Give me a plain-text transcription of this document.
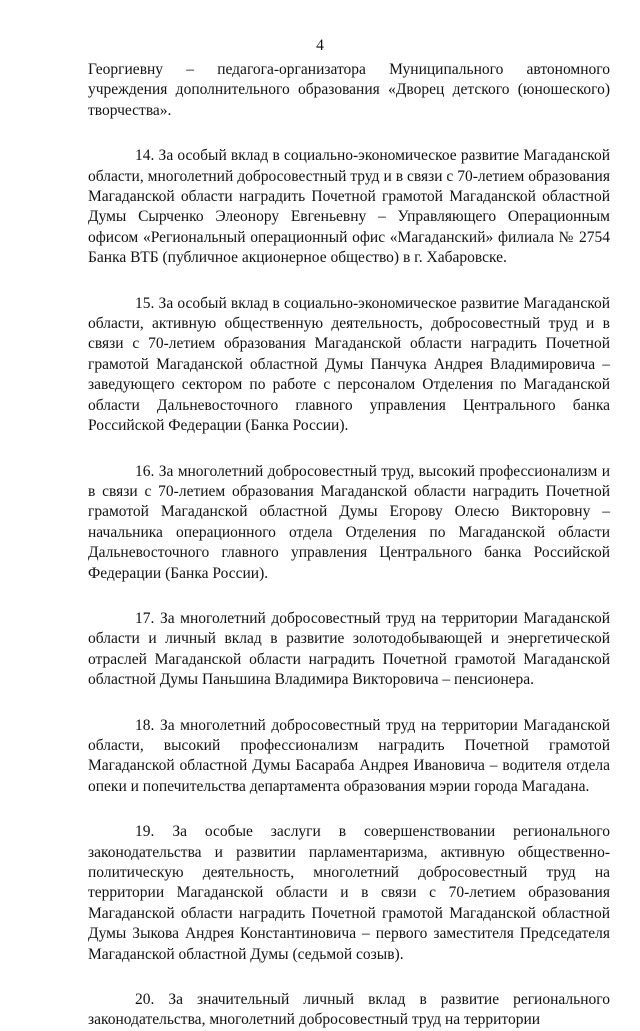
4

Георгиевну – педагога-организатора Муниципального автономного учреждения дополнительного образования «Дворец детского (юношеского) творчества».

14. За особый вклад в социально-экономическое развитие Магаданской области, многолетний добросовестный труд и в связи с 70-летием образования Магаданской области наградить Почетной грамотой Магаданской областной Думы Сырченко Элеонору Евгеньевну – Управляющего Операционным офисом «Региональный операционный офис «Магаданский» филиала № 2754 Банка ВТБ (публичное акционерное общество) в г. Хабаровске.

15. За особый вклад в социально-экономическое развитие Магаданской области, активную общественную деятельность, добросовестный труд и в связи с 70-летием образования Магаданской области наградить Почетной грамотой Магаданской областной Думы Панчука Андрея Владимировича – заведующего сектором по работе с персоналом Отделения по Магаданской области Дальневосточного главного управления Центрального банка Российской Федерации (Банка России).

16. За многолетний добросовестный труд, высокий профессионализм и в связи с 70-летием образования Магаданской области наградить Почетной грамотой Магаданской областной Думы Егорову Олесю Викторовну – начальника операционного отдела Отделения по Магаданской области Дальневосточного главного управления Центрального банка Российской Федерации (Банка России).

17. За многолетний добросовестный труд на территории Магаданской области и личный вклад в развитие золотодобывающей и энергетической отраслей Магаданской области наградить Почетной грамотой Магаданской областной Думы Паньшина Владимира Викторовича – пенсионера.

18. За многолетний добросовестный труд на территории Магаданской области, высокий профессионализм наградить Почетной грамотой Магаданской областной Думы Басараба Андрея Ивановича – водителя отдела опеки и попечительства департамента образования мэрии города Магадана.

19. За особые заслуги в совершенствовании регионального законодательства и развитии парламентаризма, активную общественно-политическую деятельность, многолетний добросовестный труд на территории Магаданской области и в связи с 70-летием образования Магаданской области наградить Почетной грамотой Магаданской областной Думы Зыкова Андрея Константиновича – первого заместителя Председателя Магаданской областной Думы (седьмой созыв).

20. За значительный личный вклад в развитие регионального законодательства, многолетний добросовестный труд на территории
